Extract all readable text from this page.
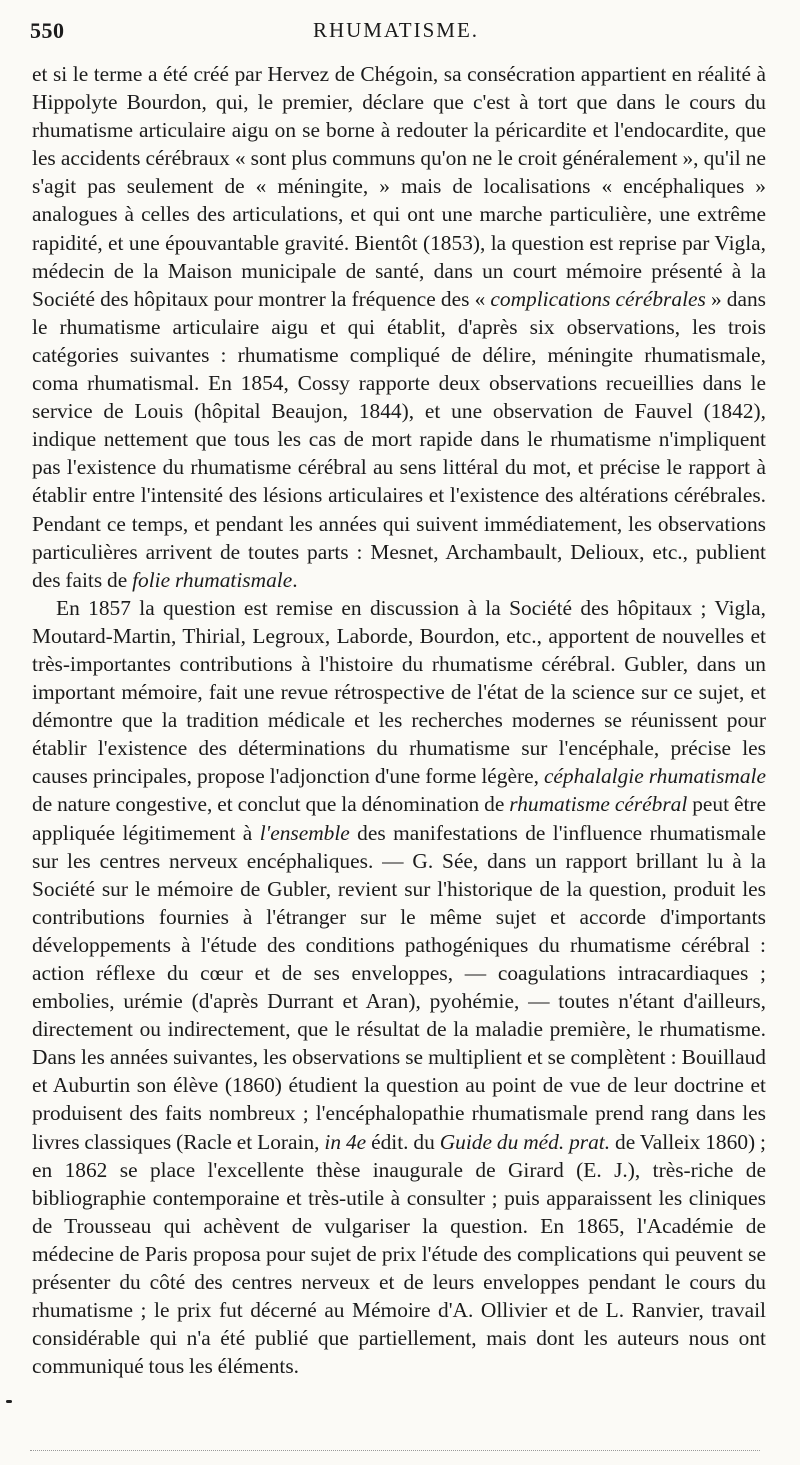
550	RHUMATISME.

et si le terme a été créé par Hervez de Chégoin, sa consécration appartient en réalité à Hippolyte Bourdon, qui, le premier, déclare que c'est à tort que dans le cours du rhumatisme articulaire aigu on se borne à redouter la péricardite et l'endocardite, que les accidents cérébraux « sont plus communs qu'on ne le croit généralement », qu'il ne s'agit pas seulement de « méningite, » mais de localisations « encéphaliques » analogues à celles des articulations, et qui ont une marche particulière, une extrême rapidité, et une épouvantable gravité. Bientôt (1853), la question est reprise par Vigla, médecin de la Maison municipale de santé, dans un court mémoire présenté à la Société des hôpitaux pour montrer la fréquence des « complications cérébrales » dans le rhumatisme articulaire aigu et qui établit, d'après six observations, les trois catégories suivantes : rhumatisme compliqué de délire, méningite rhumatismale, coma rhumatismal. En 1854, Cossy rapporte deux observations recueillies dans le service de Louis (hôpital Beaujon, 1844), et une observation de Fauvel (1842), indique nettement que tous les cas de mort rapide dans le rhumatisme n'impliquent pas l'existence du rhumatisme cérébral au sens littéral du mot, et précise le rapport à établir entre l'intensité des lésions articulaires et l'existence des altérations cérébrales. Pendant ce temps, et pendant les années qui suivent immédiatement, les observations particulières arrivent de toutes parts : Mesnet, Archambault, Delioux, etc., publient des faits de folie rhumatismale.

En 1857 la question est remise en discussion à la Société des hôpitaux ; Vigla, Moutard-Martin, Thirial, Legroux, Laborde, Bourdon, etc., apportent de nouvelles et très-importantes contributions à l'histoire du rhumatisme cérébral. Gubler, dans un important mémoire, fait une revue rétrospective de l'état de la science sur ce sujet, et démontre que la tradition médicale et les recherches modernes se réunissent pour établir l'existence des déterminations du rhumatisme sur l'encéphale, précise les causes principales, propose l'adjonction d'une forme légère, céphalalgie rhumatismale de nature congestive, et conclut que la dénomination de rhumatisme cérébral peut être appliquée légitimement à l'ensemble des manifestations de l'influence rhumatismale sur les centres nerveux encéphaliques. — G. Sée, dans un rapport brillant lu à la Société sur le mémoire de Gubler, revient sur l'historique de la question, produit les contributions fournies à l'étranger sur le même sujet et accorde d'importants développements à l'étude des conditions pathogéniques du rhumatisme cérébral : action réflexe du cœur et de ses enveloppes, — coagulations intracardiaques ; embolies, urémie (d'après Durrant et Aran), pyohémie, — toutes n'étant d'ailleurs, directement ou indirectement, que le résultat de la maladie première, le rhumatisme. Dans les années suivantes, les observations se multiplient et se complètent : Bouillaud et Auburtin son élève (1860) étudient la question au point de vue de leur doctrine et produisent des faits nombreux ; l'encéphalopathie rhumatismale prend rang dans les livres classiques (Racle et Lorain, in 4e édit. du Guide du méd. prat. de Valleix 1860) ; en 1862 se place l'excellente thèse inaugurale de Girard (E. J.), très-riche de bibliographie contemporaine et très-utile à consulter ; puis apparaissent les cliniques de Trousseau qui achèvent de vulgariser la question. En 1865, l'Académie de médecine de Paris proposa pour sujet de prix l'étude des complications qui peuvent se présenter du côté des centres nerveux et de leurs enveloppes pendant le cours du rhumatisme ; le prix fut décerné au Mémoire d'A. Ollivier et de L. Ranvier, travail considérable qui n'a été publié que partiellement, mais dont les auteurs nous ont communiqué tous les éléments.
